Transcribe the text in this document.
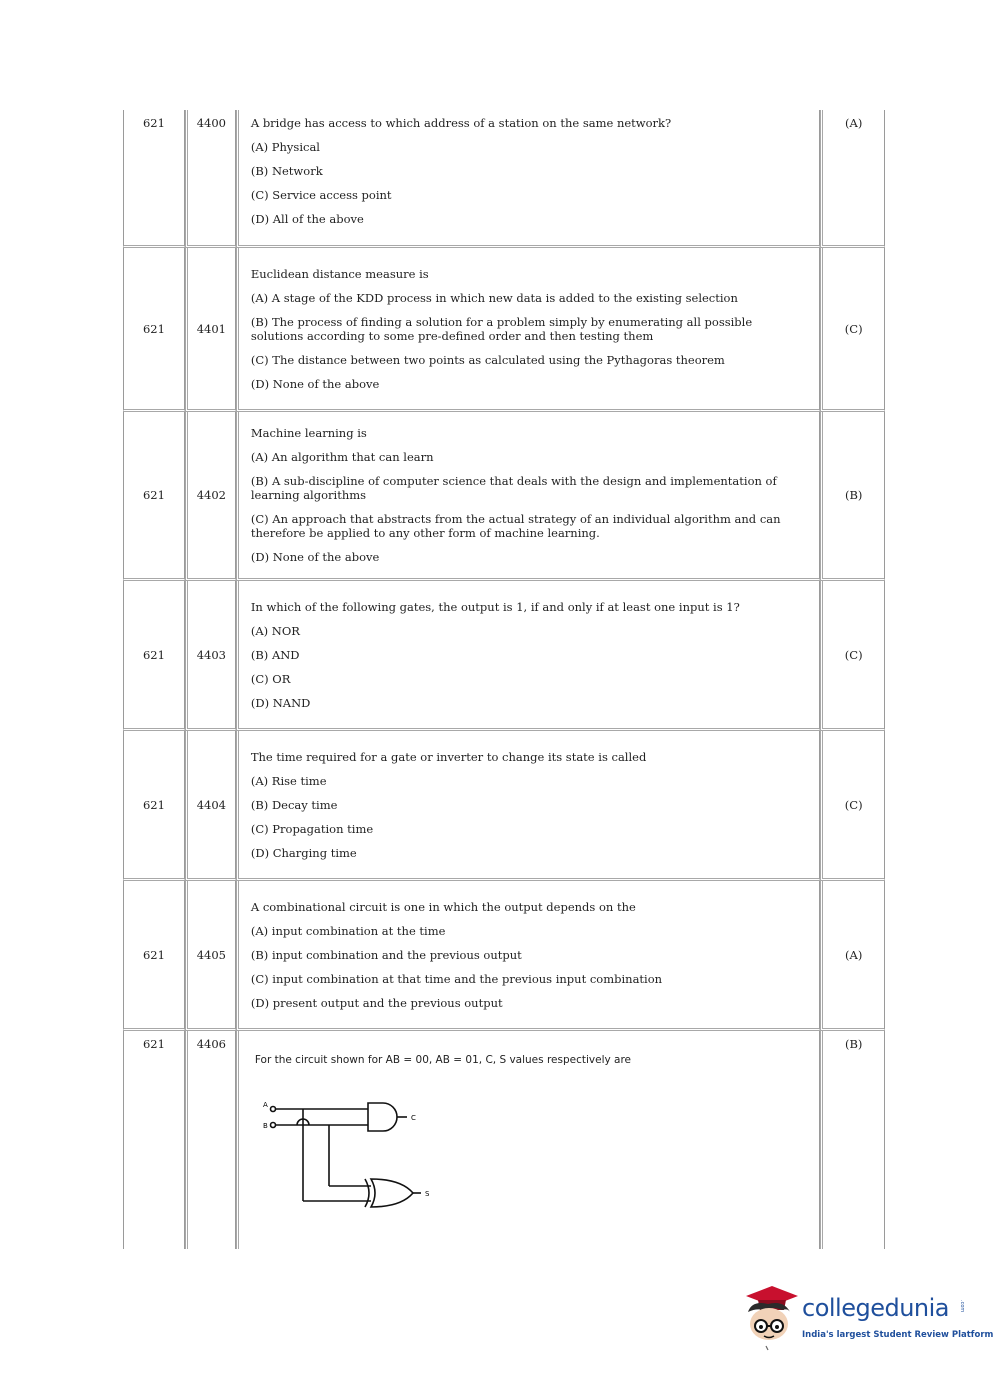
621	4400	A bridge has access to which address of a station on the same network?

(A) Physical

(B) Network

(C) Service access point

(D) All of the above	(A)
621	4401	Euclidean distance measure is

(A) A stage of the KDD process in which new data is added to the existing selection

(B) The process of finding a solution for a problem simply by enumerating all possible solutions according to some pre-defined order and then testing them

(C) The distance between two points as calculated using the Pythagoras theorem

(D) None of the above	(C)
621	4402	Machine learning is

(A) An algorithm that can learn

(B) A sub-discipline of computer science that deals with the design and implementation of learning algorithms

(C) An approach that abstracts from the actual strategy of an individual algorithm and can therefore be applied to any other form of machine learning.

(D) None of the above	(B)
621	4403	In which of the following gates, the output is 1, if and only if at least one input is 1?

(A) NOR

(B) AND

(C) OR

(D) NAND	(C)
621	4404	The time required for a gate or inverter to change its state is called

(A) Rise time

(B) Decay time

(C) Propagation time

(D) Charging time	(C)
621	4405	A combinational circuit is one in which the output depends on the

(A) input combination at the time

(B) input combination and the previous output

(C) input combination at that time and the previous input combination

(D) present output and the previous output	(A)
621	4406	For the circuit shown for AB = 00, AB = 01, C, S values respectively are
A
B
C
S	(B)
collegedunia .com
India's largest Student Review Platform
